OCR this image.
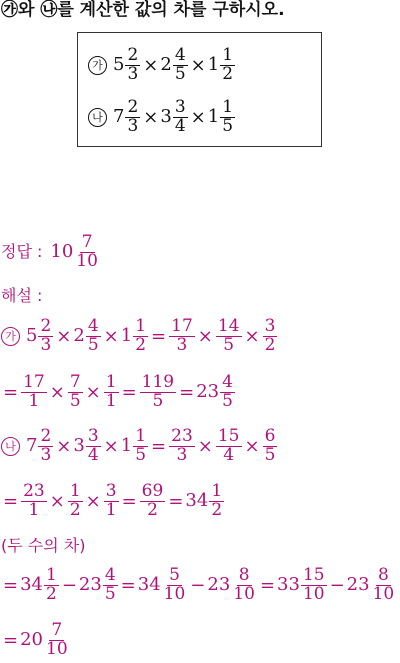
㉮와 ㉯를 계산한 값의 차를 구하시오.
가 $5 \frac{2}{3} \times 2 \frac{4}{5} \times 1 \frac{1}{2}$
나 $7 \frac{2}{3} \times 3 \frac{3}{4} \times 1 \frac{1}{5}$
정답 : $10 \frac{7}{10}$
해설 :
가 $5 \frac{2}{3} \times 2 \frac{4}{5} \times 1 \frac{1}{2} = \frac{17}{3} \times \frac{14}{5} \times \frac{3}{2}$
= $\frac{17}{1} \times \frac{7}{5} \times \frac{1}{1} = \frac{119}{5} = 23 \frac{4}{5}$
나 $7 \frac{2}{3} \times 3 \frac{3}{4} \times 1 \frac{1}{5} = \frac{23}{3} \times \frac{15}{4} \times \frac{6}{5}$
= $\frac{23}{1} \times \frac{1}{2} \times \frac{3}{1} = \frac{69}{2} = 34 \frac{1}{2}$
(두 수의 차)
= $34 \frac{1}{2} - 23 \frac{4}{5} = 34 \frac{5}{10} - 23 \frac{8}{10} = 33 \frac{15}{10} - 23 \frac{8}{10}$
= $20 \frac{7}{10}$
